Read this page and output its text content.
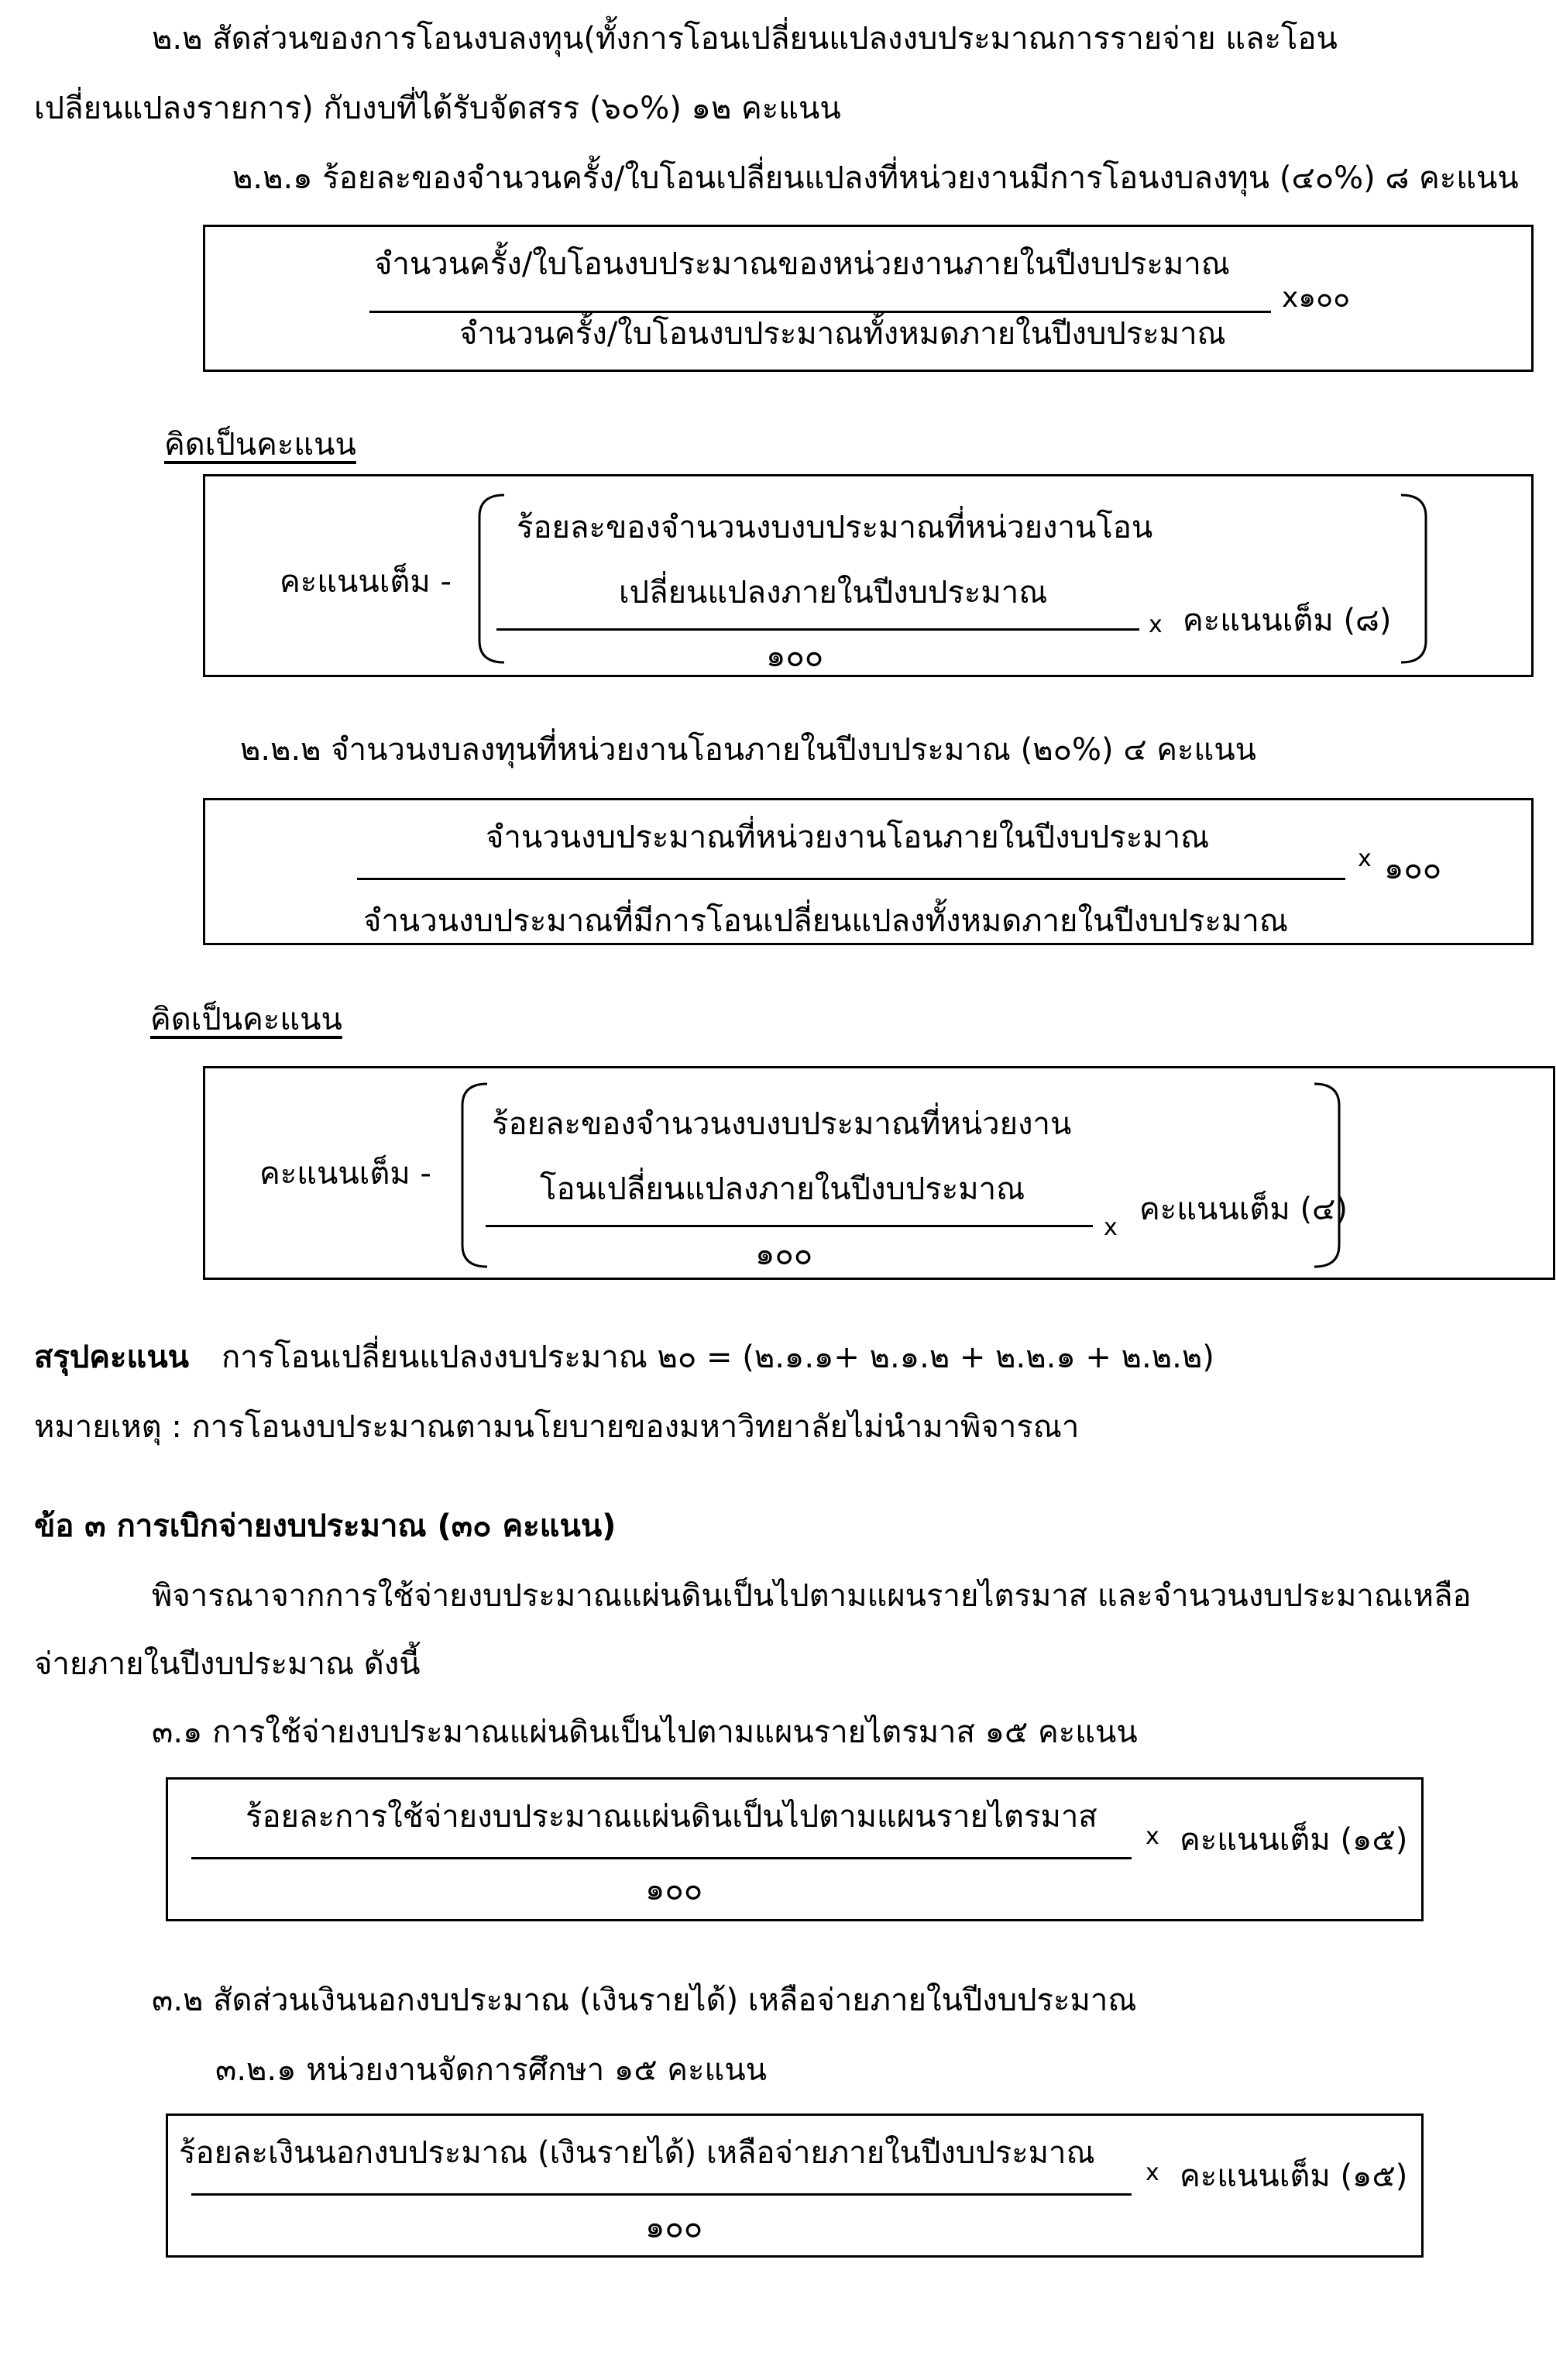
๒.๒ สัดส่วนของการโอนงบลงทุน(ทั้งการโอนเปลี่ยนแปลงงบประมาณการรายจ่าย และโอน
เปลี่ยนแปลงรายการ) กับงบที่ได้รับจัดสรร (๖๐%) ๑๒ คะแนน
๒.๒.๑ ร้อยละของจำนวนครั้ง/ใบโอนเปลี่ยนแปลงที่หน่วยงานมีการโอนงบลงทุน (๔๐%) ๘ คะแนน
จำนวนครั้ง/ใบโอนงบประมาณของหน่วยงานภายในปีงบประมาณ
จำนวนครั้ง/ใบโอนงบประมาณทั้งหมดภายในปีงบประมาณ
x๑๐๐
คิดเป็นคะแนน
คะแนนเต็ม -
ร้อยละของจำนวนงบงบประมาณที่หน่วยงานโอน
เปลี่ยนแปลงภายในปีงบประมาณ
x คะแนนเต็ม (๘)
๑๐๐
๒.๒.๒ จำนวนงบลงทุนที่หน่วยงานโอนภายในปีงบประมาณ (๒๐%) ๔ คะแนน
จำนวนงบประมาณที่หน่วยงานโอนภายในปีงบประมาณ
จำนวนงบประมาณที่มีการโอนเปลี่ยนแปลงทั้งหมดภายในปีงบประมาณ
x ๑๐๐
คิดเป็นคะแนน
คะแนนเต็ม -
ร้อยละของจำนวนงบงบประมาณที่หน่วยงาน
โอนเปลี่ยนแปลงภายในปีงบประมาณ
x
คะแนนเต็ม (๔)
๑๐๐
สรุปคะแนน การโอนเปลี่ยนแปลงงบประมาณ ๒๐ = (๒.๑.๑+ ๒.๑.๒ + ๒.๒.๑ + ๒.๒.๒)
หมายเหตุ : การโอนงบประมาณตามนโยบายของมหาวิทยาลัยไม่นำมาพิจารณา
ข้อ ๓ การเบิกจ่ายงบประมาณ (๓๐ คะแนน)
พิจารณาจากการใช้จ่ายงบประมาณแผ่นดินเป็นไปตามแผนรายไตรมาส และจำนวนงบประมาณเหลือ
จ่ายภายในปีงบประมาณ ดังนี้
๓.๑ การใช้จ่ายงบประมาณแผ่นดินเป็นไปตามแผนรายไตรมาส ๑๕ คะแนน
ร้อยละการใช้จ่ายงบประมาณแผ่นดินเป็นไปตามแผนรายไตรมาส
x คะแนนเต็ม (๑๕)
๑๐๐
๓.๒ สัดส่วนเงินนอกงบประมาณ (เงินรายได้) เหลือจ่ายภายในปีงบประมาณ
๓.๒.๑ หน่วยงานจัดการศึกษา ๑๕ คะแนน
ร้อยละเงินนอกงบประมาณ (เงินรายได้) เหลือจ่ายภายในปีงบประมาณ
x คะแนนเต็ม (๑๕)
๑๐๐
